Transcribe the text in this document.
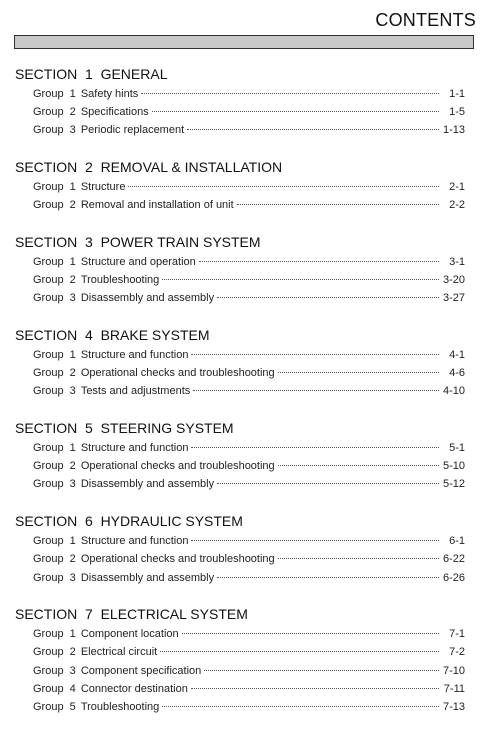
CONTENTS
SECTION  1  GENERAL
Group  1 Safety hints	1-1
Group  2 Specifications	1-5
Group  3 Periodic replacement	1-13
SECTION  2  REMOVAL & INSTALLATION
Group  1 Structure	2-1
Group  2 Removal and installation of unit	2-2
SECTION  3  POWER TRAIN SYSTEM
Group  1 Structure and operation	3-1
Group  2 Troubleshooting	3-20
Group  3 Disassembly and assembly	3-27
SECTION  4  BRAKE SYSTEM
Group  1 Structure and function	4-1
Group  2 Operational checks and troubleshooting	4-6
Group  3 Tests and adjustments	4-10
SECTION  5  STEERING SYSTEM
Group  1 Structure and function	5-1
Group  2 Operational checks and troubleshooting	5-10
Group  3 Disassembly and assembly	5-12
SECTION  6  HYDRAULIC SYSTEM
Group  1 Structure and function	6-1
Group  2 Operational checks and troubleshooting	6-22
Group  3 Disassembly and assembly	6-26
SECTION  7  ELECTRICAL SYSTEM
Group  1 Component location	7-1
Group  2 Electrical circuit	7-2
Group  3 Component specification	7-10
Group  4 Connector destination	7-11
Group  5 Troubleshooting	7-13
